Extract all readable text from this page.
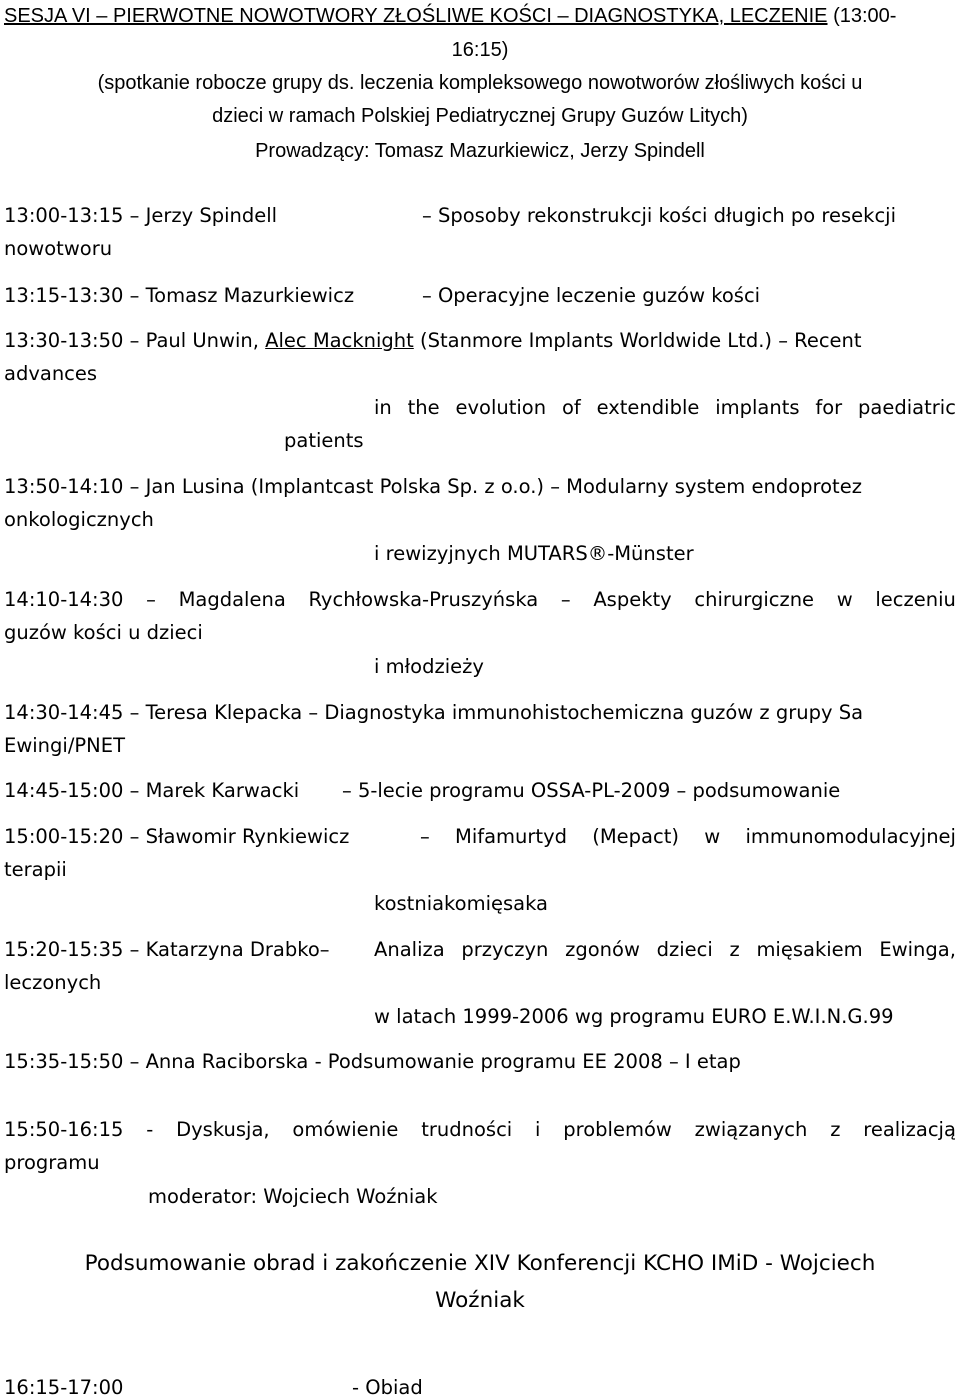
SESJA VI – PIERWOTNE NOWOTWORY ZŁOŚLIWE KOŚCI – DIAGNOSTYKA, LECZENIE (13:00-
16:15)
(spotkanie robocze grupy ds. leczenia kompleksowego nowotworów złośliwych kości u
dzieci w ramach Polskiej Pediatrycznej Grupy Guzów Litych)
Prowadzący: Tomasz Mazurkiewicz, Jerzy Spindell
13:00-13:15 – Jerzy Spindell	– Sposoby rekonstrukcji kości długich po resekcji
nowotworu
13:15-13:30 – Tomasz Mazurkiewicz	– Operacyjne leczenie guzów kości
13:30-13:50 – Paul Unwin, Alec Macknight (Stanmore Implants Worldwide Ltd.) – Recent
advances
in the evolution of extendible implants for paediatric
patients
13:50-14:10 – Jan Lusina (Implantcast Polska Sp. z o.o.) – Modularny system endoprotez
onkologicznych
i rewizyjnych MUTARS®-Münster
14:10-14:30 – Magdalena Rychłowska-Pruszyńska – Aspekty chirurgiczne w leczeniu
guzów kości u dzieci
i młodzieży
14:30-14:45 – Teresa Klepacka – Diagnostyka immunohistochemiczna guzów z grupy Sa
Ewingi/PNET
14:45-15:00 – Marek Karwacki – 5-lecie programu OSSA-PL-2009 – podsumowanie
15:00-15:20 – Sławomir Rynkiewicz	– Mifamurtyd (Mepact) w immunomodulacyjnej
terapii
kostniakomięsaka
15:20-15:35 – Katarzyna Drabko– Analiza przyczyn zgonów dzieci z mięsakiem Ewinga,
leczonych
w latach 1999-2006 wg programu EURO E.W.I.N.G.99
15:35-15:50 – Anna Raciborska - Podsumowanie programu EE 2008 – I etap
15:50-16:15 - Dyskusja, omówienie trudności i problemów związanych z realizacją
programu
moderator: Wojciech Woźniak
Podsumowanie obrad i zakończenie XIV Konferencji KCHO IMiD - Wojciech
Woźniak
16:15-17:00	- Obiad
